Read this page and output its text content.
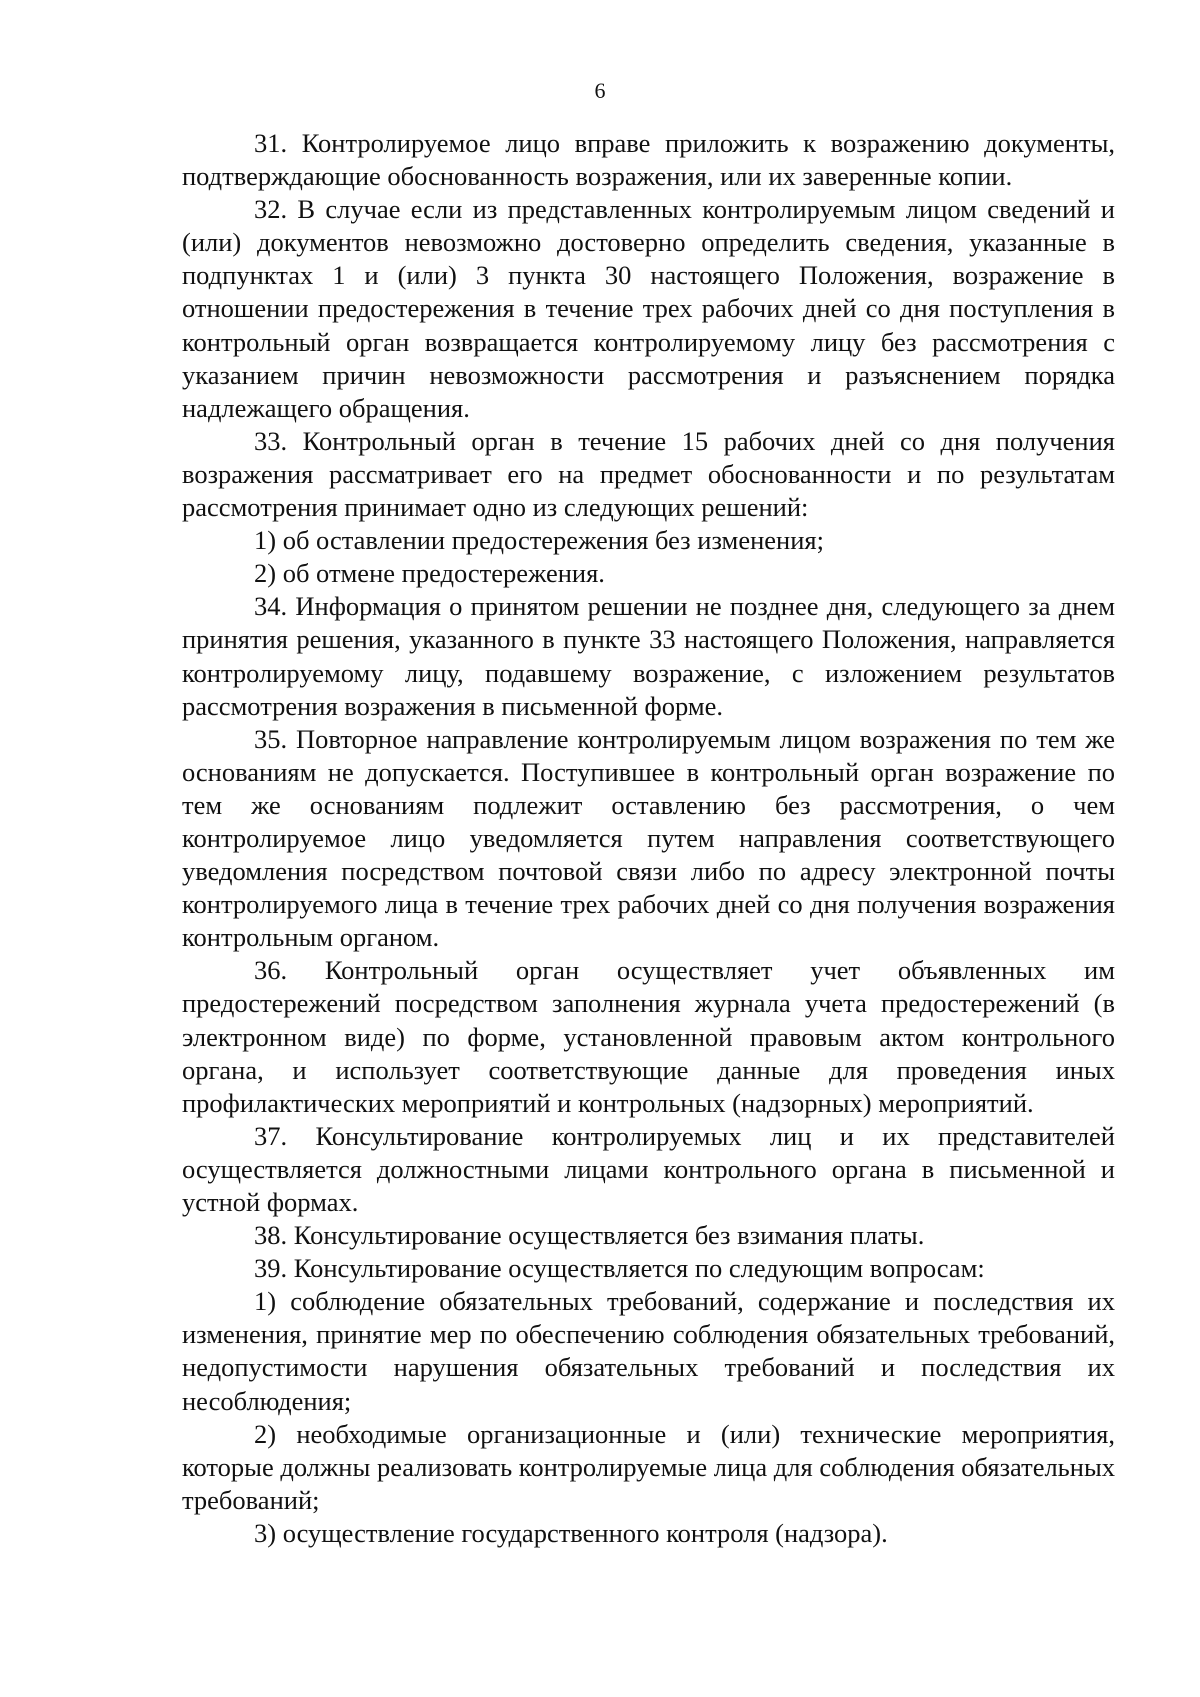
6

31. Контролируемое лицо вправе приложить к возражению документы, подтверждающие обоснованность возражения, или их заверенные копии.

32. В случае если из представленных контролируемым лицом сведений и (или) документов невозможно достоверно определить сведения, указанные в подпунктах 1 и (или) 3 пункта 30 настоящего Положения, возражение в отношении предостережения в течение трех рабочих дней со дня поступления в контрольный орган возвращается контролируемому лицу без рассмотрения с указанием причин невозможности рассмотрения и разъяснением порядка надлежащего обращения.

33. Контрольный орган в течение 15 рабочих дней со дня получения возражения рассматривает его на предмет обоснованности и по результатам рассмотрения принимает одно из следующих решений:

1) об оставлении предостережения без изменения;

2) об отмене предостережения.

34. Информация о принятом решении не позднее дня, следующего за днем принятия решения, указанного в пункте 33 настоящего Положения, направляется контролируемому лицу, подавшему возражение, с изложением результатов рассмотрения возражения в письменной форме.

35. Повторное направление контролируемым лицом возражения по тем же основаниям не допускается. Поступившее в контрольный орган возражение по тем же основаниям подлежит оставлению без рассмотрения, о чем контролируемое лицо уведомляется путем направления соответствующего уведомления посредством почтовой связи либо по адресу электронной почты контролируемого лица в течение трех рабочих дней со дня получения возражения контрольным органом.

36. Контрольный орган осуществляет учет объявленных им предостережений посредством заполнения журнала учета предостережений (в электронном виде) по форме, установленной правовым актом контрольного органа, и использует соответствующие данные для проведения иных профилактических мероприятий и контрольных (надзорных) мероприятий.

37. Консультирование контролируемых лиц и их представителей осуществляется должностными лицами контрольного органа в письменной и устной формах.

38. Консультирование осуществляется без взимания платы.

39. Консультирование осуществляется по следующим вопросам:

1) соблюдение обязательных требований, содержание и последствия их изменения, принятие мер по обеспечению соблюдения обязательных требований, недопустимости нарушения обязательных требований и последствия их несоблюдения;

2) необходимые организационные и (или) технические мероприятия, которые должны реализовать контролируемые лица для соблюдения обязательных требований;

3) осуществление государственного контроля (надзора).
